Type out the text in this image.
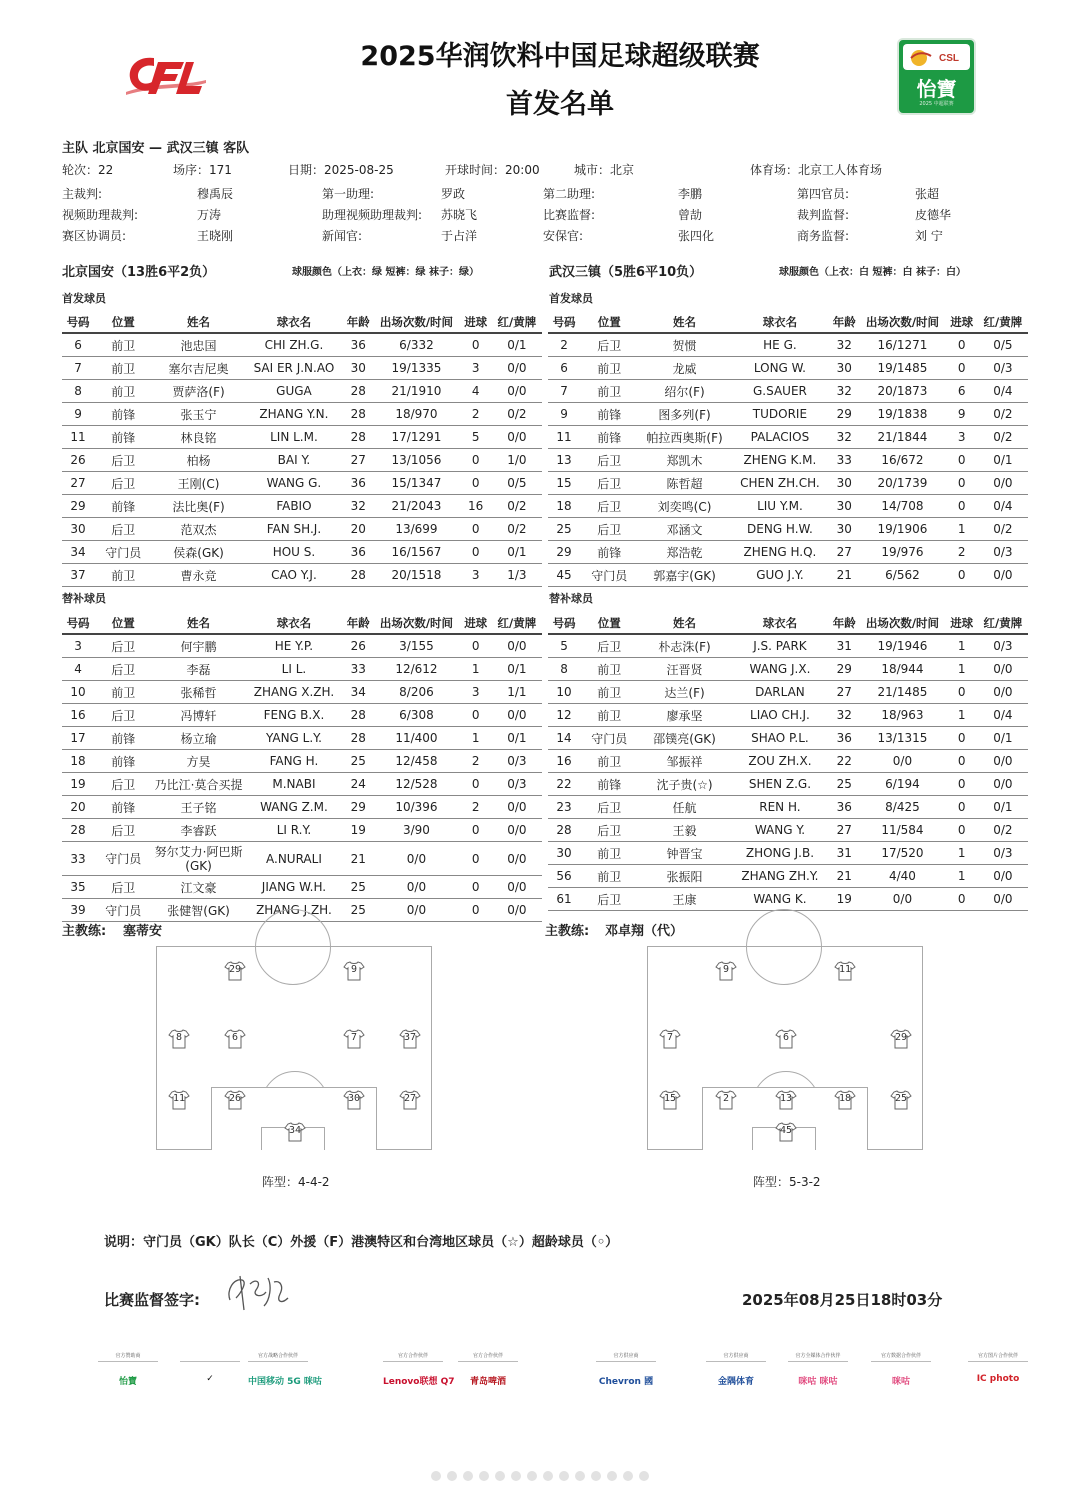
2025华润饮料中国足球超级联赛
首发名单
CSL
怡寶
2025 中超联赛
主队 北京国安 — 武汉三镇 客队
轮次：22	场序：171	日期：2025-08-25	开球时间：20:00	城市：北京	体育场：北京工人体育场
主裁判:	穆禹辰	第一助理:	罗政	第二助理:	李鹏	第四官员:	张超
视频助理裁判:	万涛	助理视频助理裁判: 苏晓飞	比赛监督:	曾劼	裁判监督:	皮德华
赛区协调员:	王晓刚	新闻官:	于占洋	安保官:	张四化	商务监督:	刘 宁
北京国安（13胜6平2负）	球服颜色（上衣：绿 短裤：绿 袜子：绿）	武汉三镇（5胜6平10负）	球服颜色（上衣：白 短裤：白 袜子：白）
首发球员	首发球员
号码	位置	姓名	球衣名	年龄	出场次数/时间	进球	红/黄牌
6	前卫	池忠国	CHI ZH.G.	36	6/332	0	0/1
7	前卫	塞尔吉尼奥	SAI ER J.N.AO	30	19/1335	3	0/0
8	前卫	贾萨洛(F)	GUGA	28	21/1910	4	0/0
9	前锋	张玉宁	ZHANG Y.N.	28	18/970	2	0/2
11	前锋	林良铭	LIN L.M.	28	17/1291	5	0/0
26	后卫	柏杨	BAI Y.	27	13/1056	0	1/0
27	后卫	王刚(C)	WANG G.	36	15/1347	0	0/5
29	前锋	法比奥(F)	FABIO	32	21/2043	16	0/2
30	后卫	范双杰	FAN SH.J.	20	13/699	0	0/2
34	守门员	侯森(GK)	HOU S.	36	16/1567	0	0/1
37	前卫	曹永竞	CAO Y.J.	28	20/1518	3	1/3
号码	位置	姓名	球衣名	年龄	出场次数/时间	进球	红/黄牌
2	后卫	贺惯	HE G.	32	16/1271	0	0/5
6	前卫	龙威	LONG W.	30	19/1485	0	0/3
7	前卫	绍尔(F)	G.SAUER	32	20/1873	6	0/4
9	前锋	图多列(F)	TUDORIE	29	19/1838	9	0/2
11	前锋	帕拉西奥斯(F)	PALACIOS	32	21/1844	3	0/2
13	后卫	郑凯木	ZHENG K.M.	33	16/672	0	0/1
15	后卫	陈哲超	CHEN ZH.CH.	30	20/1739	0	0/0
18	后卫	刘奕鸣(C)	LIU Y.M.	30	14/708	0	0/4
25	后卫	邓涵文	DENG H.W.	30	19/1906	1	0/2
29	前锋	郑浩乾	ZHENG H.Q.	27	19/976	2	0/3
45	守门员	郭嘉宇(GK)	GUO J.Y.	21	6/562	0	0/0
替补球员	替补球员
号码	位置	姓名	球衣名	年龄	出场次数/时间	进球	红/黄牌
3	后卫	何宇鹏	HE Y.P.	26	3/155	0	0/0
4	后卫	李磊	LI L.	33	12/612	1	0/1
10	前卫	张稀哲	ZHANG X.ZH.	34	8/206	3	1/1
16	后卫	冯博轩	FENG B.X.	28	6/308	0	0/0
17	前锋	杨立瑜	YANG L.Y.	28	11/400	1	0/1
18	前锋	方昊	FANG H.	25	12/458	2	0/3
19	后卫	乃比江·莫合买提	M.NABI	24	12/528	0	0/3
20	前锋	王子铭	WANG Z.M.	29	10/396	2	0/0
28	后卫	李睿跃	LI R.Y.	19	3/90	0	0/0
33	守门员	努尔艾力·阿巴斯(GK)	A.NURALI	21	0/0	0	0/0
35	后卫	江文豪	JIANG W.H.	25	0/0	0	0/0
39	守门员	张健智(GK)	ZHANG J.ZH.	25	0/0	0	0/0
号码	位置	姓名	球衣名	年龄	出场次数/时间	进球	红/黄牌
5	后卫	朴志洙(F)	J.S. PARK	31	19/1946	1	0/3
8	前卫	汪晋贤	WANG J.X.	29	18/944	1	0/0
10	前卫	达兰(F)	DARLAN	27	21/1485	0	0/0
12	前卫	廖承坚	LIAO CH.J.	32	18/963	1	0/4
14	守门员	邵镤亮(GK)	SHAO P.L.	36	13/1315	0	0/1
16	前卫	邹振祥	ZOU ZH.X.	22	0/0	0	0/0
22	前锋	沈子贵(☆)	SHEN Z.G.	25	6/194	0	0/0
23	后卫	任航	REN H.	36	8/425	0	0/1
28	后卫	王毅	WANG Y.	27	11/584	0	0/2
30	前卫	钟晋宝	ZHONG J.B.	31	17/520	1	0/3
56	前卫	张振阳	ZHANG ZH.Y.	21	4/40	1	0/0
61	后卫	王康	WANG K.	19	0/0	0	0/0
主教练: 塞蒂安	主教练: 邓卓翔（代）
29	9
8	6	7	37
11	26	30	27
34
9	11
7	6	29
15	2	13	18	25
45
阵型：4-4-2	阵型：5-3-2
说明：守门员（GK）队长（C）外援（F）港澳特区和台湾地区球员（☆）超龄球员（◦）
比赛监督签字:	2025年08月25日18时03分
官方赞助商
怡寶	✓
官方战略合作伙伴
中国移动 5G 咪咕
官方合作伙伴
Lenovo联想 Q7
官方合作伙伴
青岛啤酒
官方供应商
Chevron 國
官方供应商
金隅体育
官方全媒体合作伙伴
咪咕 咪咕
官方数据合作伙伴
咪咕
官方图片合作伙伴
IC photo
